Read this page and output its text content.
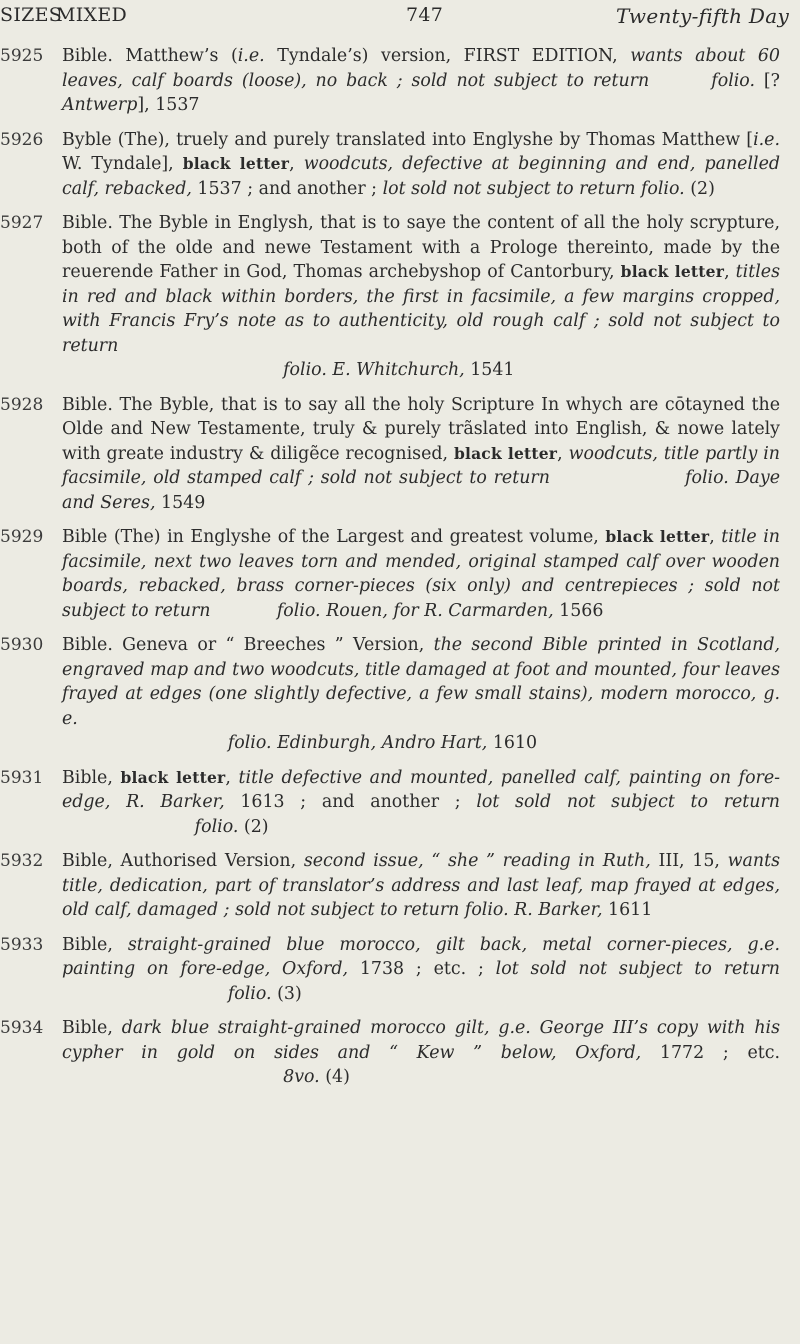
SIZES
MIXED	747	Twenty-fifth Day
5925	Bible. Matthew’s (i.e. Tyndale’s) version, FIRST EDITION, wants about 60 leaves, calf boards (loose), no back ; sold not subject to return	folio. [? Antwerp], 1537
5926	Byble (The), truely and purely translated into Englyshe by Thomas Matthew [i.e. W. Tyndale], black letter, woodcuts, defective at beginning and end, panelled calf, rebacked, 1537 ; and another ; lot sold not subject to return folio. (2)
5927	Bible. The Byble in Englysh, that is to saye the content of all the holy scrypture, both of the olde and newe Testament with a Prologe thereinto, made by the reuerende Father in God, Thomas archebyshop of Cantorbury, black letter, titles in red and black within borders, the first in facsimile, a few margins cropped, with Francis Fry’s note as to authenticity, old rough calf ; sold not subject to return
folio. E. Whitchurch, 1541
5928	Bible. The Byble, that is to say all the holy Scripture In whych are cōtayned the Olde and New Testamente, truly & purely trãslated into English, & nowe lately with greate industry & diligẽce recognised, black letter, woodcuts, title partly in facsimile, old stamped calf ; sold not subject to return	folio. Daye and Seres, 1549
5929	Bible (The) in Englyshe of the Largest and greatest volume, black letter, title in facsimile, next two leaves torn and mended, original stamped calf over wooden boards, rebacked, brass corner-pieces (six only) and centrepieces ; sold not subject to return	folio. Rouen, for R. Carmarden, 1566
5930	Bible. Geneva or “ Breeches ” Version, the second Bible printed in Scotland, engraved map and two woodcuts, title damaged at foot and mounted, four leaves frayed at edges (one slightly defective, a few small stains), modern morocco, g. e.
folio. Edinburgh, Andro Hart, 1610
5931	Bible, black letter, title defective and mounted, panelled calf, painting on fore-edge, R. Barker, 1613 ; and another ; lot sold not subject to return                        folio. (2)
5932	Bible, Authorised Version, second issue, “ she ” reading in Ruth, III, 15, wants title, dedication, part of translator’s address and last leaf, map frayed at edges, old calf, damaged ; sold not subject to return folio. R. Barker, 1611
5933	Bible, straight-grained blue morocco, gilt back, metal corner-pieces, g.e. painting on fore-edge, Oxford, 1738 ; etc. ; lot sold not subject to return                              folio. (3)
5934	Bible, dark blue straight-grained morocco gilt, g.e. George III’s copy with his cypher in gold on sides and “ Kew ” below, Oxford, 1772 ; etc.                                        8vo. (4)
